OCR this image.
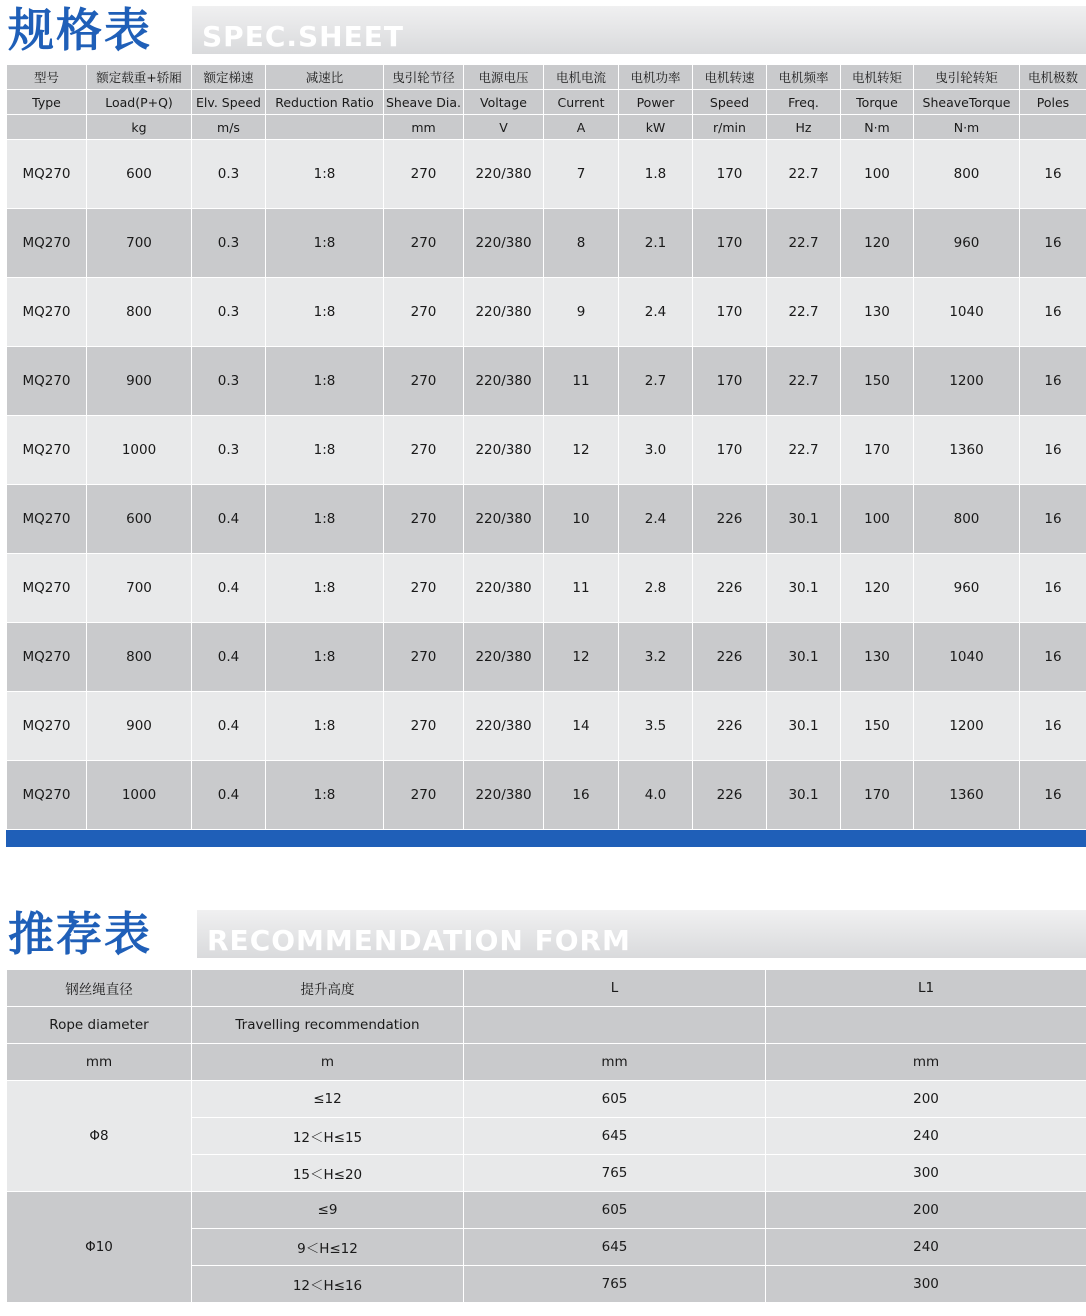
规格表 SPEC.SHEET
型号	额定载重+轿厢	额定梯速	减速比	曳引轮节径	电源电压	电机电流	电机功率	电机转速	电机频率	电机转矩	曳引轮转矩	电机极数
Type	Load(P+Q)	Elv. Speed	Reduction Ratio	Sheave Dia.	Voltage	Current	Power	Speed	Freq.	Torque	SheaveTorque	Poles
	kg	m/s		mm	V	A	kW	r/min	Hz	N·m	N·m	
MQ270	600	0.3	1:8	270	220/380	7	1.8	170	22.7	100	800	16
MQ270	700	0.3	1:8	270	220/380	8	2.1	170	22.7	120	960	16
MQ270	800	0.3	1:8	270	220/380	9	2.4	170	22.7	130	1040	16
MQ270	900	0.3	1:8	270	220/380	11	2.7	170	22.7	150	1200	16
MQ270	1000	0.3	1:8	270	220/380	12	3.0	170	22.7	170	1360	16
MQ270	600	0.4	1:8	270	220/380	10	2.4	226	30.1	100	800	16
MQ270	700	0.4	1:8	270	220/380	11	2.8	226	30.1	120	960	16
MQ270	800	0.4	1:8	270	220/380	12	3.2	226	30.1	130	1040	16
MQ270	900	0.4	1:8	270	220/380	14	3.5	226	30.1	150	1200	16
MQ270	1000	0.4	1:8	270	220/380	16	4.0	226	30.1	170	1360	16
推荐表 RECOMMENDATION FORM
钢丝绳直径	提升高度	L	L1
Rope diameter	Travelling recommendation		
mm	m	mm	mm
Φ8	≤12	605	200
	12＜H≤15	645	240
	15＜H≤20	765	300
Φ10	≤9	605	200
	9＜H≤12	645	240
	12＜H≤16	765	300
